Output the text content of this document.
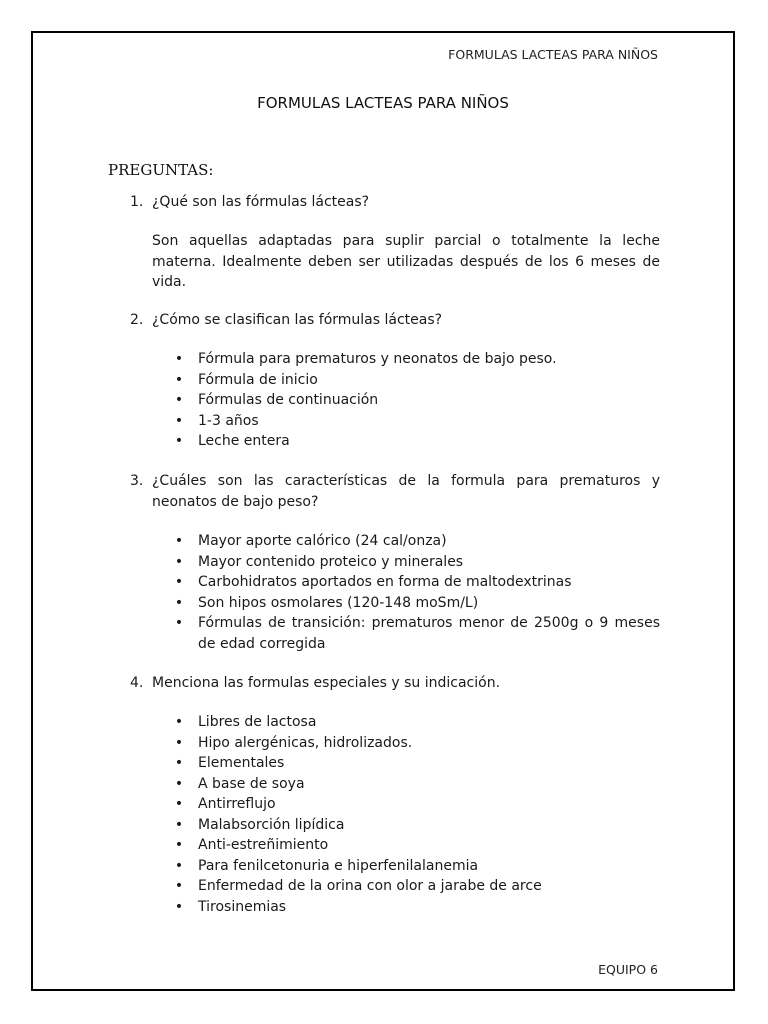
FORMULAS LACTEAS PARA NIÑOS
FORMULAS LACTEAS PARA NIÑOS
PREGUNTAS:
1. ¿Qué son las fórmulas lácteas?
Son aquellas adaptadas para suplir parcial o totalmente la leche materna. Idealmente deben ser utilizadas después de los 6 meses de vida.
2. ¿Cómo se clasifican las fórmulas lácteas?
• Fórmula para prematuros y neonatos de bajo peso.
• Fórmula de inicio
• Fórmulas de continuación
• 1-3 años
• Leche entera
3. ¿Cuáles son las características de la formula para prematuros y neonatos de bajo peso?
• Mayor aporte calórico (24 cal/onza)
• Mayor contenido proteico y minerales
• Carbohidratos aportados en forma de maltodextrinas
• Son hipos osmolares (120-148 moSm/L)
• Fórmulas de transición: prematuros menor de 2500g o 9 meses de edad corregida
4. Menciona las formulas especiales y su indicación.
• Libres de lactosa
• Hipo alergénicas, hidrolizados.
• Elementales
• A base de soya
• Antirreflujo
• Malabsorción lipídica
• Anti-estreñimiento
• Para fenilcetonuria e hiperfenilalanemia
• Enfermedad de la orina con olor a jarabe de arce
• Tirosinemias
EQUIPO 6
